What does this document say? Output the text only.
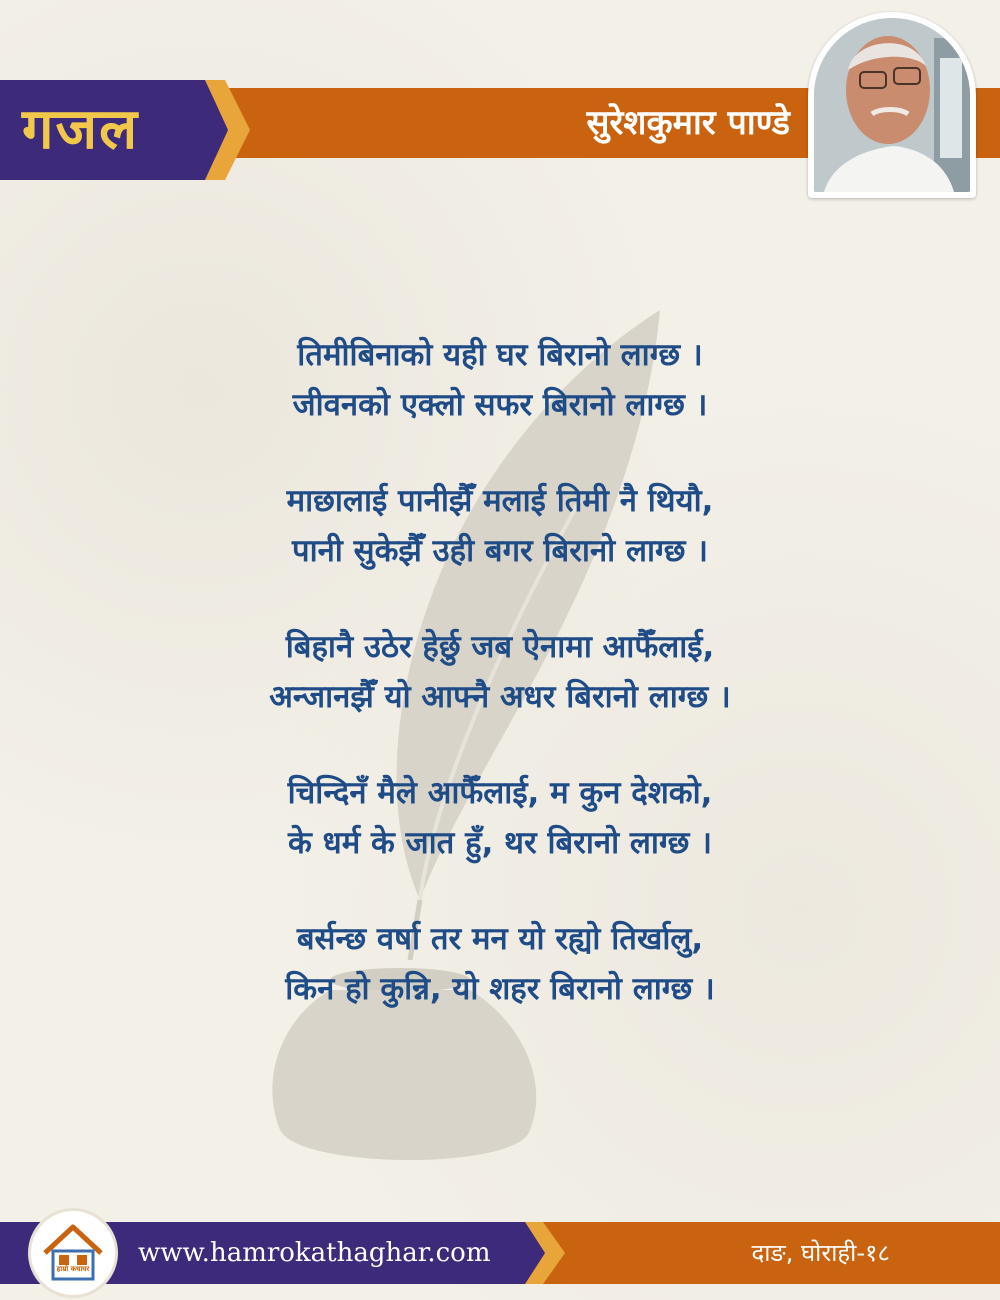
गजल	सुरेशकुमार पाण्डे
तिमीबिनाको यही घर बिरानो लाग्छ ।
जीवनको एक्लो सफर बिरानो लाग्छ ।
माछालाई पानीझैँ मलाई तिमी नै थियौ,
पानी सुकेझैँ उही बगर बिरानो लाग्छ ।
बिहानै उठेर हेर्छु जब ऐनामा आफैँलाई,
अन्जानझैँ यो आफ्नै अधर बिरानो लाग्छ ।
चिन्दिनँ मैले आफैँलाई, म कुन देशको,
के धर्म के जात हुँ, थर बिरानो लाग्छ ।
बर्सन्छ वर्षा तर मन यो रह्यो तिर्खालु,
किन हो कुन्नि, यो शहर बिरानो लाग्छ ।
www.hamrokathaghar.com	दाङ, घोराही-१८
हाम्रो कथाघर
